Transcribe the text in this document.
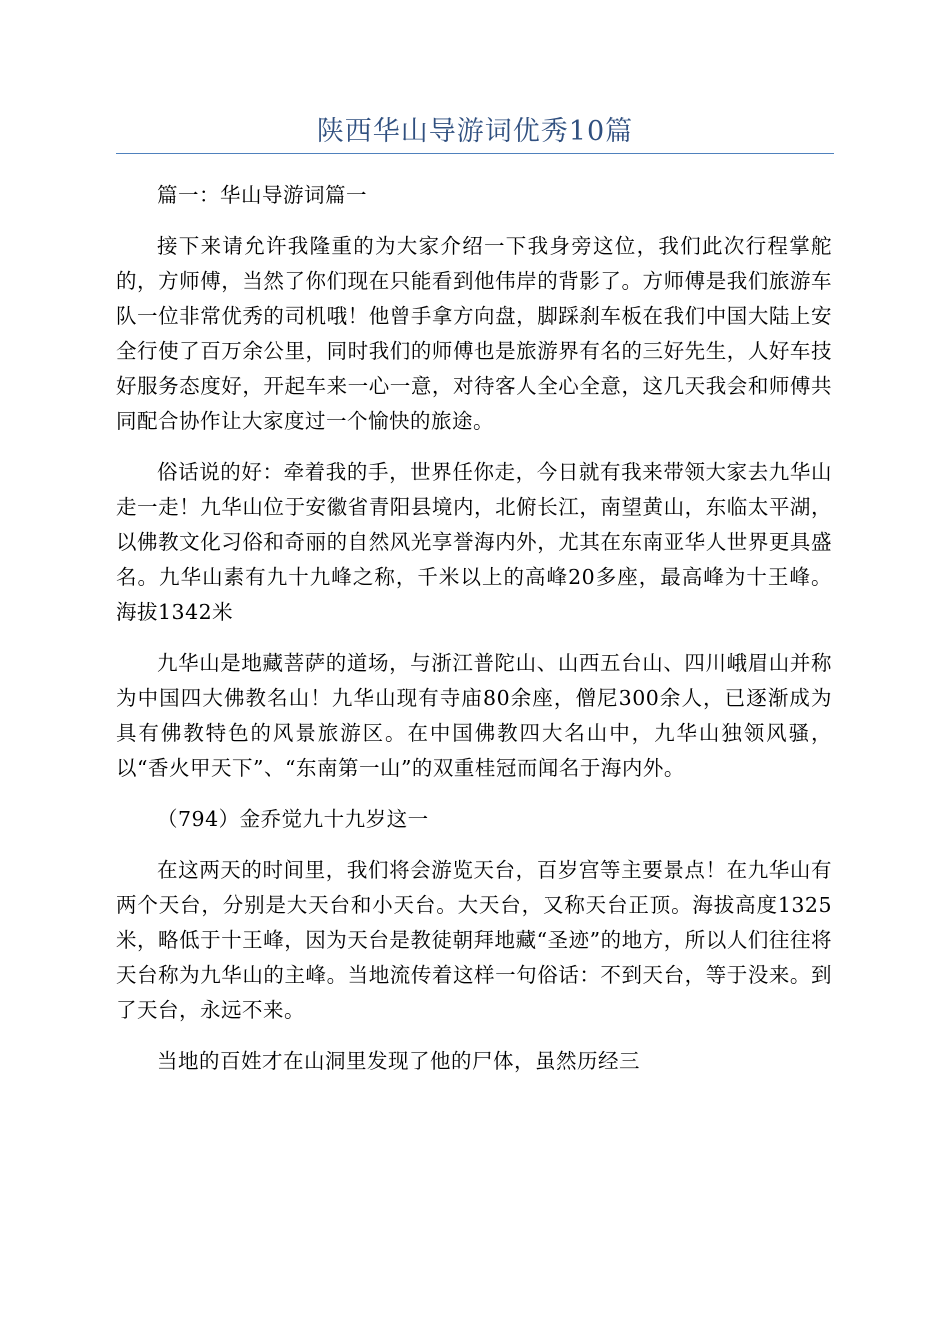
陕西华山导游词优秀10篇

篇一：华山导游词篇一

接下来请允许我隆重的为大家介绍一下我身旁这位，我们此次行程掌舵的，方师傅，当然了你们现在只能看到他伟岸的背影了。方师傅是我们旅游车队一位非常优秀的司机哦！他曾手拿方向盘，脚踩刹车板在我们中国大陆上安全行使了百万余公里，同时我们的师傅也是旅游界有名的三好先生，人好车技好服务态度好，开起车来一心一意，对待客人全心全意，这几天我会和师傅共同配合协作让大家度过一个愉快的旅途。

俗话说的好：牵着我的手，世界任你走，今日就有我来带领大家去九华山走一走！九华山位于安徽省青阳县境内，北俯长江，南望黄山，东临太平湖，以佛教文化习俗和奇丽的自然风光享誉海内外，尤其在东南亚华人世界更具盛名。九华山素有九十九峰之称，千米以上的高峰20多座，最高峰为十王峰。海拔1342米

九华山是地藏菩萨的道场，与浙江普陀山、山西五台山、四川峨眉山并称为中国四大佛教名山！九华山现有寺庙80余座，僧尼300余人，已逐渐成为具有佛教特色的风景旅游区。在中国佛教四大名山中，九华山独领风骚，以“香火甲天下”、“东南第一山”的双重桂冠而闻名于海内外。

（794）金乔觉九十九岁这一

在这两天的时间里，我们将会游览天台，百岁宫等主要景点！在九华山有两个天台，分别是大天台和小天台。大天台，又称天台正顶。海拔高度1325米，略低于十王峰，因为天台是教徒朝拜地藏“圣迹”的地方，所以人们往往将天台称为九华山的主峰。当地流传着这样一句俗话：不到天台，等于没来。到了天台，永远不来。

当地的百姓才在山洞里发现了他的尸体，虽然历经三
